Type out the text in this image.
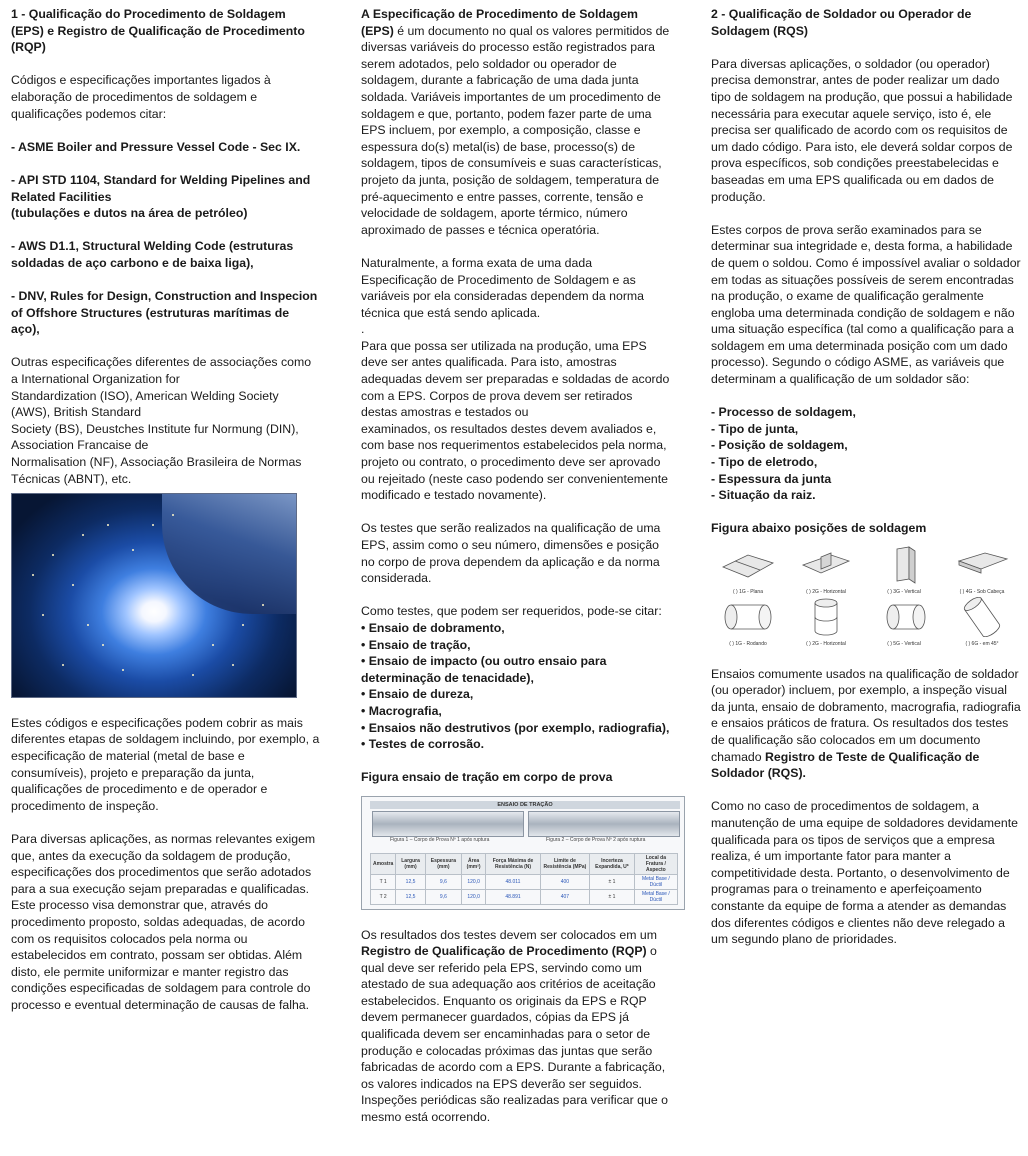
1 - Qualificação do Procedimento de Soldagem (EPS) e Registro de Qualificação de Procedimento (RQP)

Códigos e especificações importantes ligados à elaboração de procedimentos de soldagem e qualificações podemos citar:

- ASME Boiler and Pressure Vessel Code - Sec IX.

- API STD 1104, Standard for Welding Pipelines and Related Facilities
(tubulações e dutos na área de petróleo)

- AWS D1.1, Structural Welding Code (estruturas soldadas de aço carbono e de baixa liga),

- DNV, Rules for Design, Construction and Inspecion of Offshore Structures (estruturas marítimas de aço),

Outras especificações diferentes de associações como a International Organization for
Standardization (ISO), American Welding Society (AWS), British Standard
Society (BS), Deustches Institute fur Normung (DIN), Association Francaise de
Normalisation (NF), Associação Brasileira de Normas Técnicas (ABNT), etc.

Estes códigos e especificações podem cobrir as mais diferentes etapas de soldagem incluindo, por exemplo, a especificação de material (metal de base e consumíveis), projeto e preparação da junta, qualificações de procedimento e de operador e procedimento de inspeção.

Para diversas aplicações, as normas relevantes exigem que, antes da execução da soldagem de produção, especificações dos procedimentos que serão adotados para a sua execução sejam preparadas e qualificadas. Este processo visa demonstrar que, através do procedimento proposto, soldas adequadas, de acordo com os requisitos colocados pela norma ou estabelecidos em contrato, possam ser obtidas. Além disto, ele permite uniformizar e manter registro das condições especificadas de soldagem para controle do processo e eventual determinação de causas de falha.

A Especificação de Procedimento de Soldagem (EPS) é um documento no qual os valores permitidos de diversas variáveis do processo estão registrados para serem adotados, pelo soldador ou operador de soldagem, durante a fabricação de uma dada junta soldada. Variáveis importantes de um procedimento de soldagem e que, portanto, podem fazer parte de uma EPS incluem, por exemplo, a composição, classe e espessura do(s) metal(is) de base, processo(s) de soldagem, tipos de consumíveis e suas características, projeto da junta, posição de soldagem, temperatura de pré-aquecimento e entre passes, corrente, tensão e velocidade de soldagem, aporte térmico, número aproximado de passes e técnica operatória.

Naturalmente, a forma exata de uma dada Especificação de Procedimento de Soldagem e as variáveis por ela consideradas dependem da norma técnica que está sendo aplicada.
.

Para que possa ser utilizada na produção, uma EPS deve ser antes qualificada. Para isto, amostras adequadas devem ser preparadas e soldadas de acordo com a EPS. Corpos de prova devem ser retirados destas amostras e testados ou
examinados, os resultados destes devem avaliados e, com base nos requerimentos estabelecidos pela norma, projeto ou contrato, o procedimento deve ser aprovado ou rejeitado (neste caso podendo ser convenientemente modificado e testado novamente).

Os testes que serão realizados na qualificação de uma EPS, assim como o seu número, dimensões e posição no corpo de prova dependem da aplicação e da norma considerada.

Como testes, que podem ser requeridos, pode-se citar:

• Ensaio de dobramento,

• Ensaio de tração,

• Ensaio de impacto (ou outro ensaio para determinação de tenacidade),

• Ensaio de dureza,

• Macrografia,

• Ensaios não destrutivos (por exemplo, radiografia),

• Testes de corrosão.

Figura ensaio de tração em corpo de prova

ENSAIO DE TRAÇÃO
Figura 1 – Corpo de Prova Nº 1 após ruptura	Figura 2 – Corpo de Prova Nº 2 após ruptura
Amostra	Largura (mm)	Espessura (mm)	Área (mm²)	Força Máxima de Resistência (N)	Limite de Resistência (MPa)	Incerteza Expandida, U*	Local da Fratura / Aspecto
T 1	12,5	9,6	120,0	48.011	400	± 1	Metal Base / Dúctil
T 2	12,5	9,6	120,0	48.891	407	± 1	Metal Base / Dúctil

Os resultados dos testes devem ser colocados em um Registro de Qualificação de Procedimento (RQP) o qual deve ser referido pela EPS, servindo como um atestado de sua adequação aos critérios de aceitação estabelecidos. Enquanto os originais da EPS e RQP devem permanecer guardados, cópias da EPS já qualificada devem ser encaminhadas para o setor de produção e colocadas próximas das juntas que serão fabricadas de acordo com a EPS. Durante a fabricação, os valores indicados na EPS deverão ser seguidos. Inspeções periódicas são realizadas para verificar que o mesmo está ocorrendo.

2 - Qualificação de Soldador ou Operador de Soldagem (RQS)

Para diversas aplicações, o soldador (ou operador) precisa demonstrar, antes de poder realizar um dado tipo de soldagem na produção, que possui a habilidade necessária para executar aquele serviço, isto é, ele precisa ser qualificado de acordo com os requisitos de um dado código. Para isto, ele deverá soldar corpos de prova específicos, sob condições preestabelecidas e baseadas em uma EPS qualificada ou em dados de produção.

Estes corpos de prova serão examinados para se determinar sua integridade e, desta forma, a habilidade de quem o soldou. Como é impossível avaliar o soldador em todas as situações possíveis de serem encontradas na produção, o exame de qualificação geralmente engloba uma determinada condição de soldagem e não uma situação específica (tal como a qualificação para a soldagem em uma determinada posição com um dado processo). Segundo o código ASME, as variáveis que determinam a qualificação de um soldador são:

- Processo de soldagem,

- Tipo de junta,

- Posição de soldagem,

- Tipo de eletrodo,

- Espessura da junta

- Situação da raiz.

Figura abaixo posições de soldagem

( ) 1G - Plana	( ) 2G - Horizontal	( ) 3G - Vertical	( ) 4G - Sob Cabeça
( ) 1G - Rodando	( ) 2G - Horizontal	( ) 5G - Vertical	( ) 6G - em 45°

Ensaios comumente usados na qualificação de soldador (ou operador) incluem, por exemplo, a inspeção visual da junta, ensaio de dobramento, macrografia, radiografia e ensaios práticos de fratura. Os resultados dos testes de qualificação são colocados em um documento chamado Registro de Teste de Qualificação de Soldador (RQS).

Como no caso de procedimentos de soldagem, a manutenção de uma equipe de soldadores devidamente qualificada para os tipos de serviços que a empresa realiza, é um importante fator para manter a competitividade desta. Portanto, o desenvolvimento de programas para o treinamento e aperfeiçoamento constante da equipe de forma a atender as demandas dos diferentes códigos e clientes não deve relegado a um segundo plano de prioridades.
